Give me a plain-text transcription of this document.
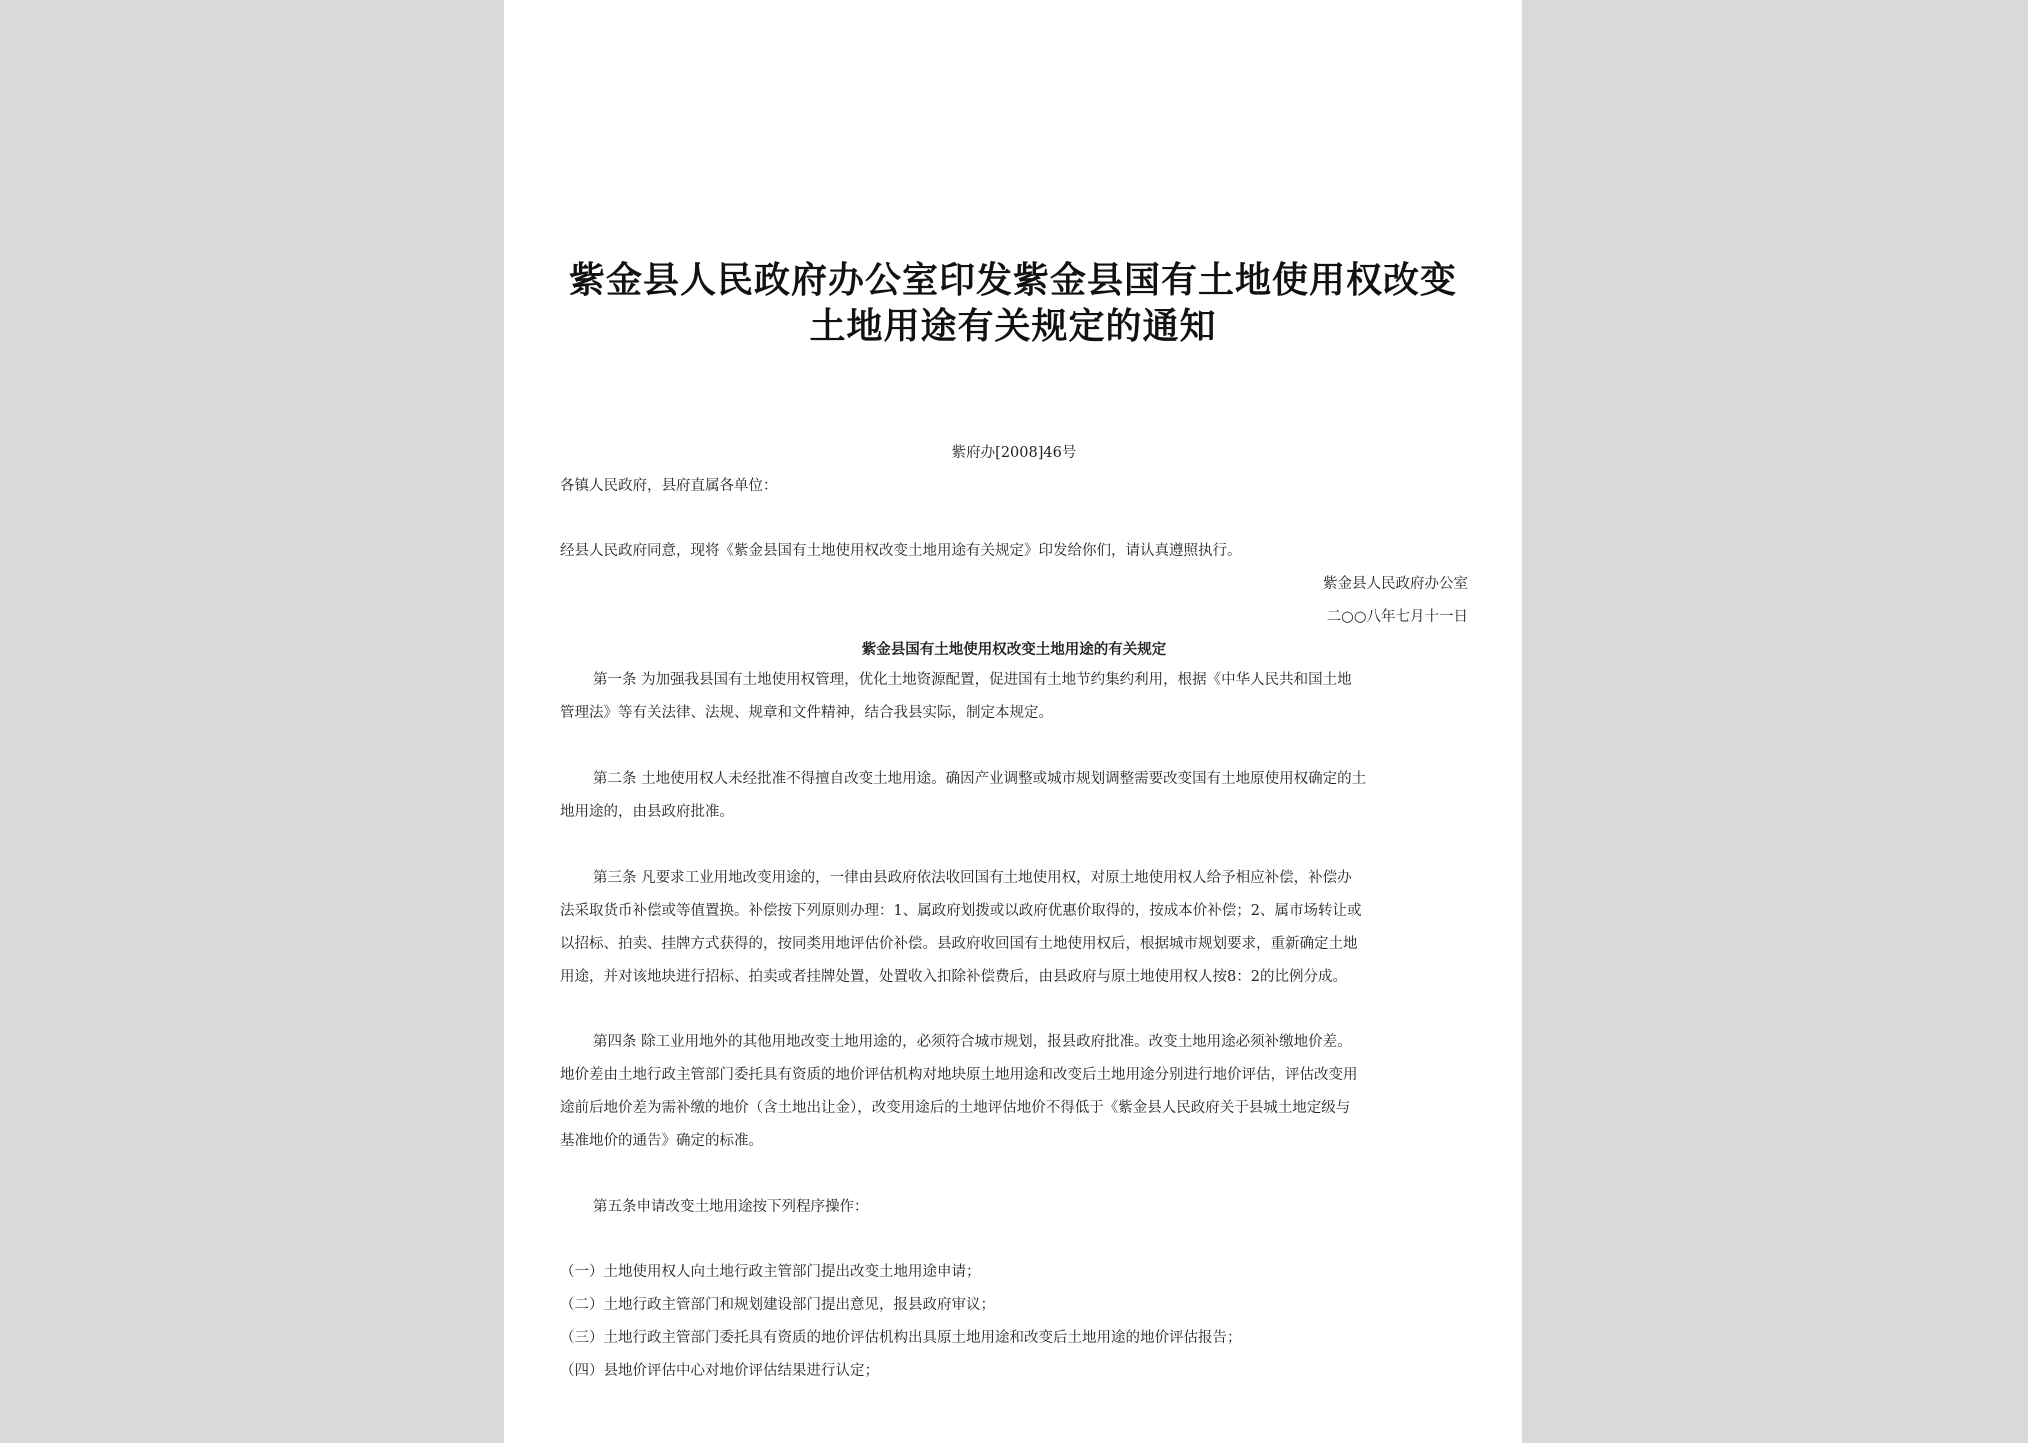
紫金县人民政府办公室印发紫金县国有土地使用权改变
土地用途有关规定的通知
紫府办[2008]46号
各镇人民政府，县府直属各单位：
经县人民政府同意，现将《紫金县国有土地使用权改变土地用途有关规定》印发给你们，请认真遵照执行。
紫金县人民政府办公室
二○○八年七月十一日
紫金县国有土地使用权改变土地用途的有关规定
第一条 为加强我县国有土地使用权管理，优化土地资源配置，促进国有土地节约集约利用，根据《中华人民共和国土地
管理法》等有关法律、法规、规章和文件精神，结合我县实际，制定本规定。
第二条 土地使用权人未经批准不得擅自改变土地用途。确因产业调整或城市规划调整需要改变国有土地原使用权确定的土
地用途的，由县政府批准。
第三条 凡要求工业用地改变用途的，一律由县政府依法收回国有土地使用权，对原土地使用权人给予相应补偿，补偿办
法采取货币补偿或等值置换。补偿按下列原则办理：1、属政府划拨或以政府优惠价取得的，按成本价补偿；2、属市场转让或
以招标、拍卖、挂牌方式获得的，按同类用地评估价补偿。县政府收回国有土地使用权后，根据城市规划要求，重新确定土地
用途，并对该地块进行招标、拍卖或者挂牌处置，处置收入扣除补偿费后，由县政府与原土地使用权人按8：2的比例分成。
第四条 除工业用地外的其他用地改变土地用途的，必须符合城市规划，报县政府批准。改变土地用途必须补缴地价差。
地价差由土地行政主管部门委托具有资质的地价评估机构对地块原土地用途和改变后土地用途分别进行地价评估，评估改变用
途前后地价差为需补缴的地价（含土地出让金），改变用途后的土地评估地价不得低于《紫金县人民政府关于县城土地定级与
基准地价的通告》确定的标准。
第五条申请改变土地用途按下列程序操作：
（一）土地使用权人向土地行政主管部门提出改变土地用途申请；
（二）土地行政主管部门和规划建设部门提出意见，报县政府审议；
（三）土地行政主管部门委托具有资质的地价评估机构出具原土地用途和改变后土地用途的地价评估报告；
（四）县地价评估中心对地价评估结果进行认定；
